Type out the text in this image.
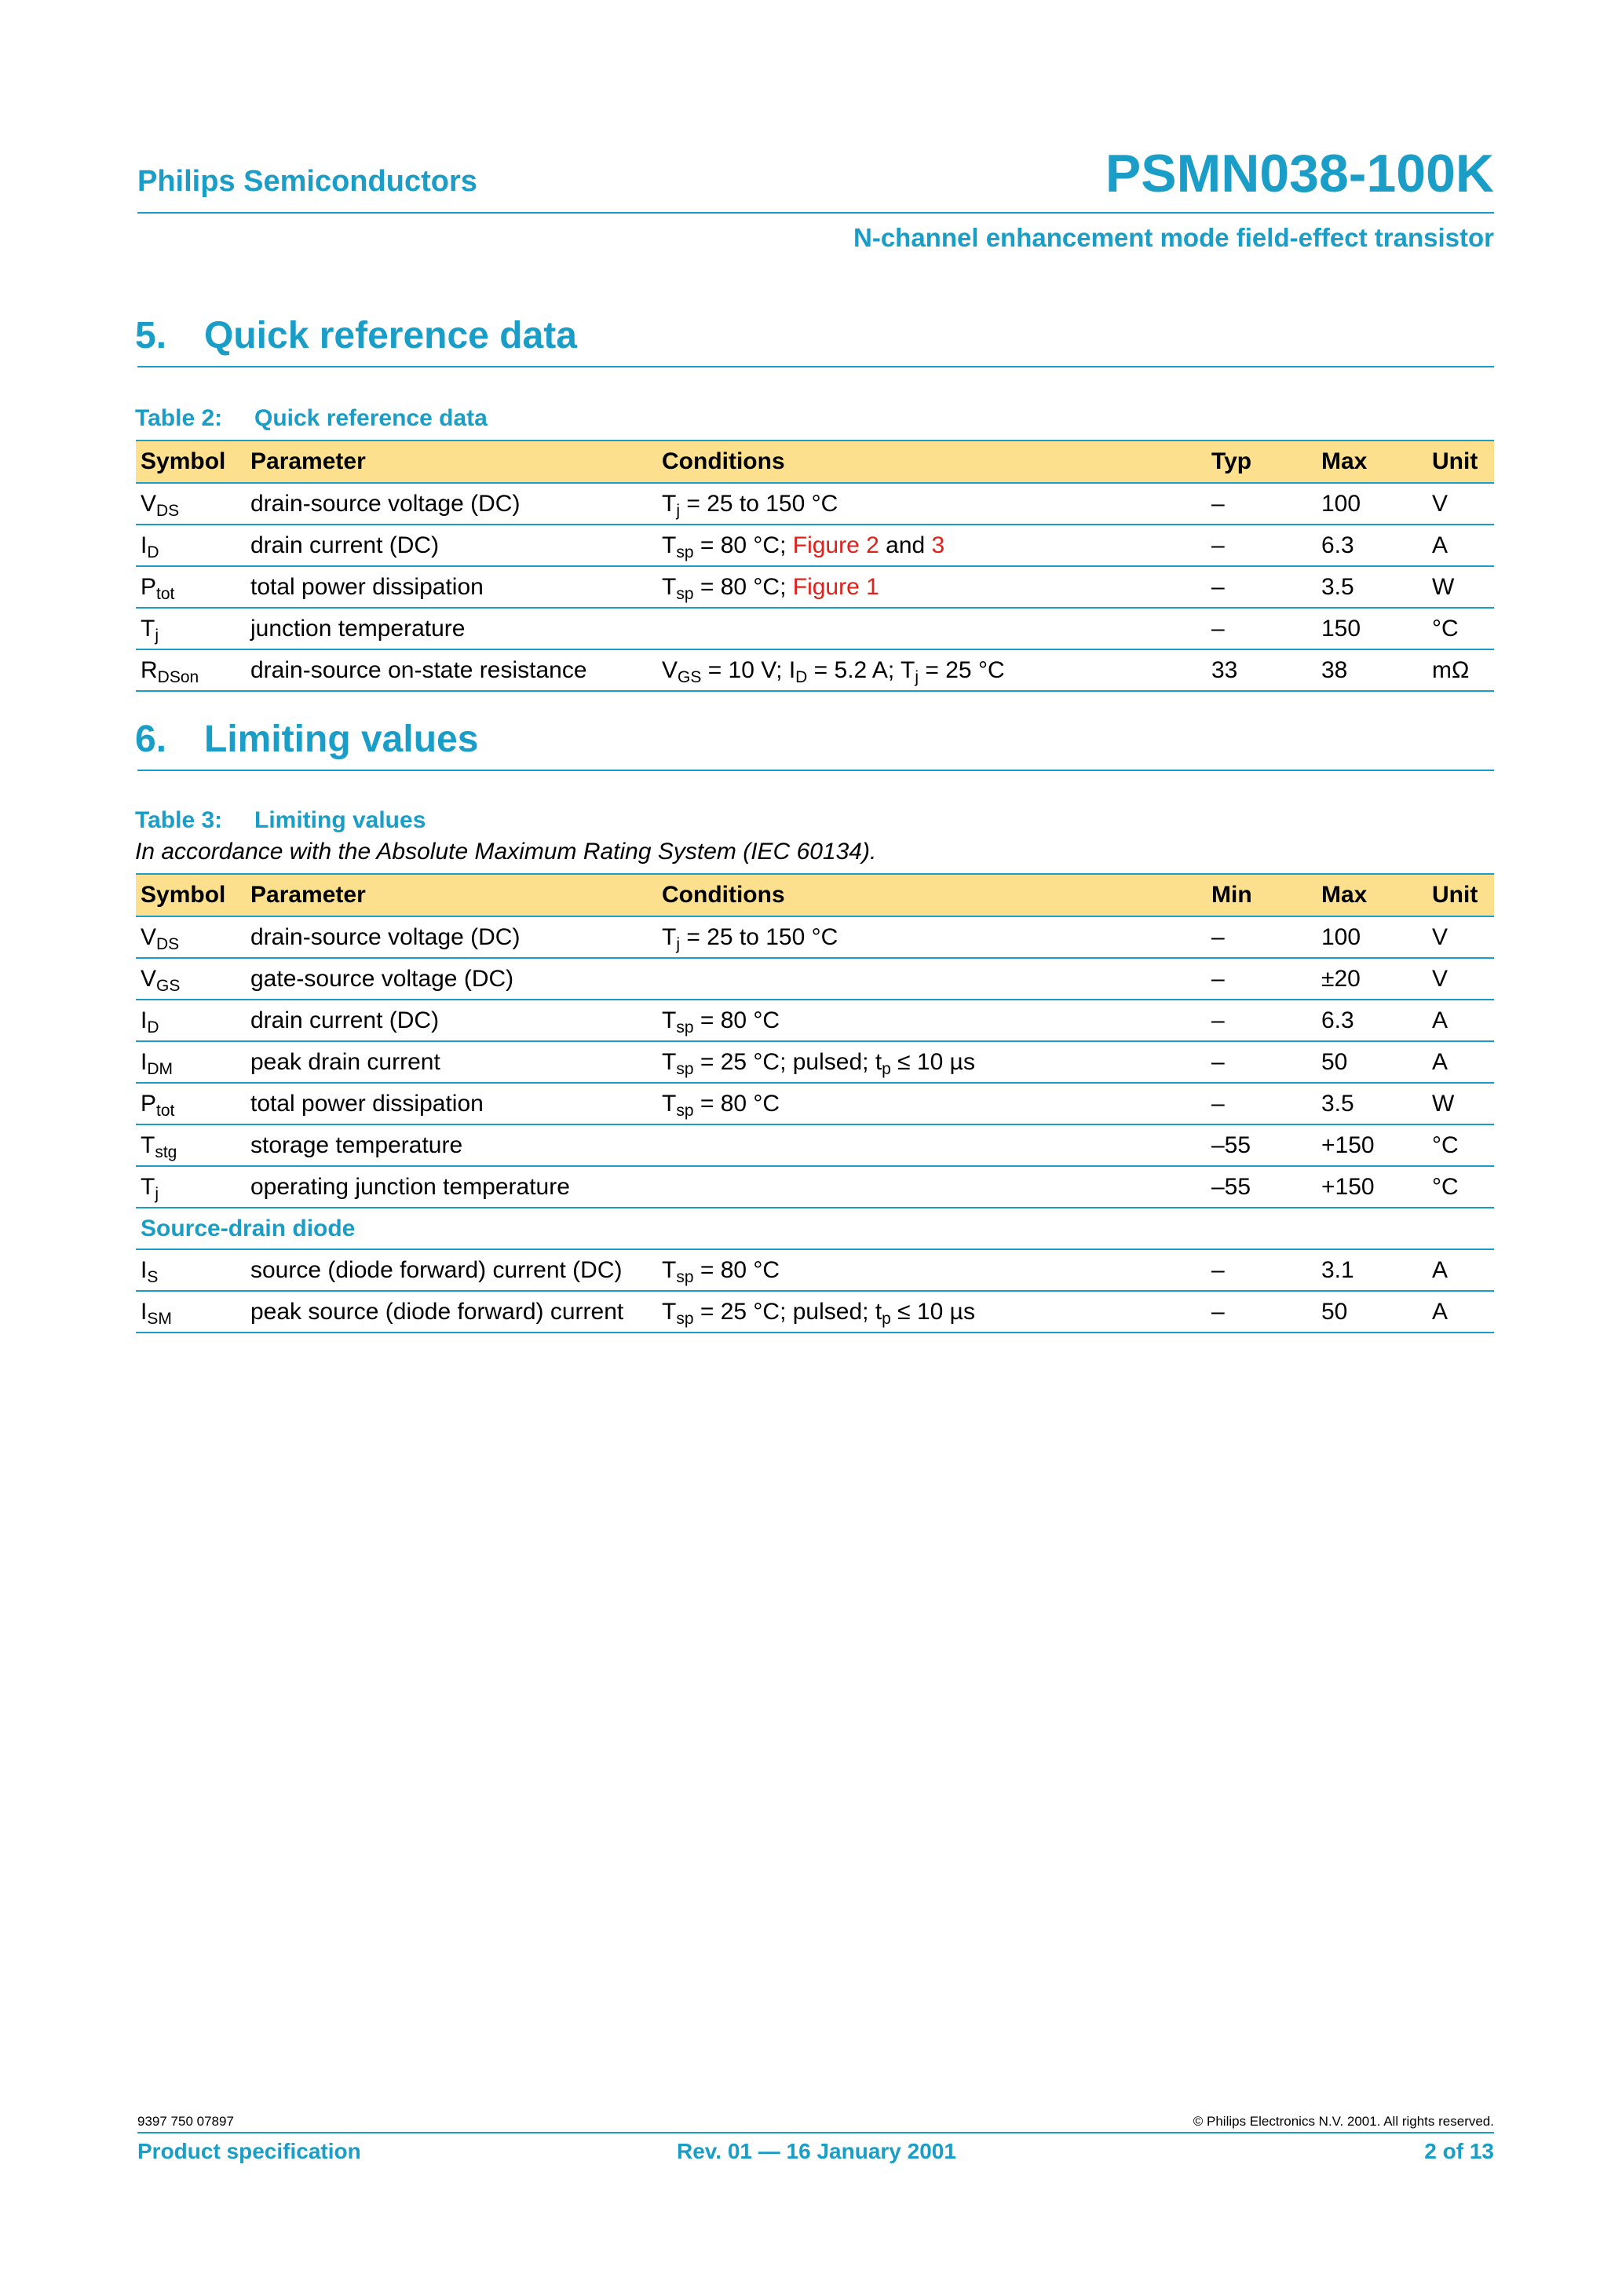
Philips Semiconductors	PSMN038-100K
N-channel enhancement mode field-effect transistor
5. Quick reference data
Table 2: Quick reference data
Symbol	Parameter	Conditions	Typ	Max	Unit
$V_{DS}$	drain-source voltage (DC)	$T_j = 25$ to 150 °C	–	100	V
$I_D$	drain current (DC)	$T_{sp} = 80$ °C; Figure 2 and 3	–	6.3	A
$P_{tot}$	total power dissipation	$T_{sp} = 80$ °C; Figure 1	–	3.5	W
$T_j$	junction temperature		–	150	°C
$R_{DSon}$	drain-source on-state resistance	$V_{GS} = 10$ V; $I_D = 5.2$ A; $T_j = 25$ °C	33	38	mΩ
6. Limiting values
Table 3: Limiting values
In accordance with the Absolute Maximum Rating System (IEC 60134).
Symbol	Parameter	Conditions	Min	Max	Unit
$V_{DS}$	drain-source voltage (DC)	$T_j = 25$ to 150 °C	–	100	V
$V_{GS}$	gate-source voltage (DC)		–	±20	V
$I_D$	drain current (DC)	$T_{sp} = 80$ °C	–	6.3	A
$I_{DM}$	peak drain current	$T_{sp} = 25$ °C; pulsed; $t_p \le 10$ µs	–	50	A
$P_{tot}$	total power dissipation	$T_{sp} = 80$ °C	–	3.5	W
$T_{stg}$	storage temperature		–55	+150	°C
$T_j$	operating junction temperature		–55	+150	°C
Source-drain diode					
$I_S$	source (diode forward) current (DC)	$T_{sp} = 80$ °C	–	3.1	A
$I_{SM}$	peak source (diode forward) current	$T_{sp} = 25$ °C; pulsed; $t_p \le 10$ µs	–	50	A
9397 750 07897	© Philips Electronics N.V. 2001. All rights reserved.
Product specification	Rev. 01 — 16 January 2001	2 of 13
